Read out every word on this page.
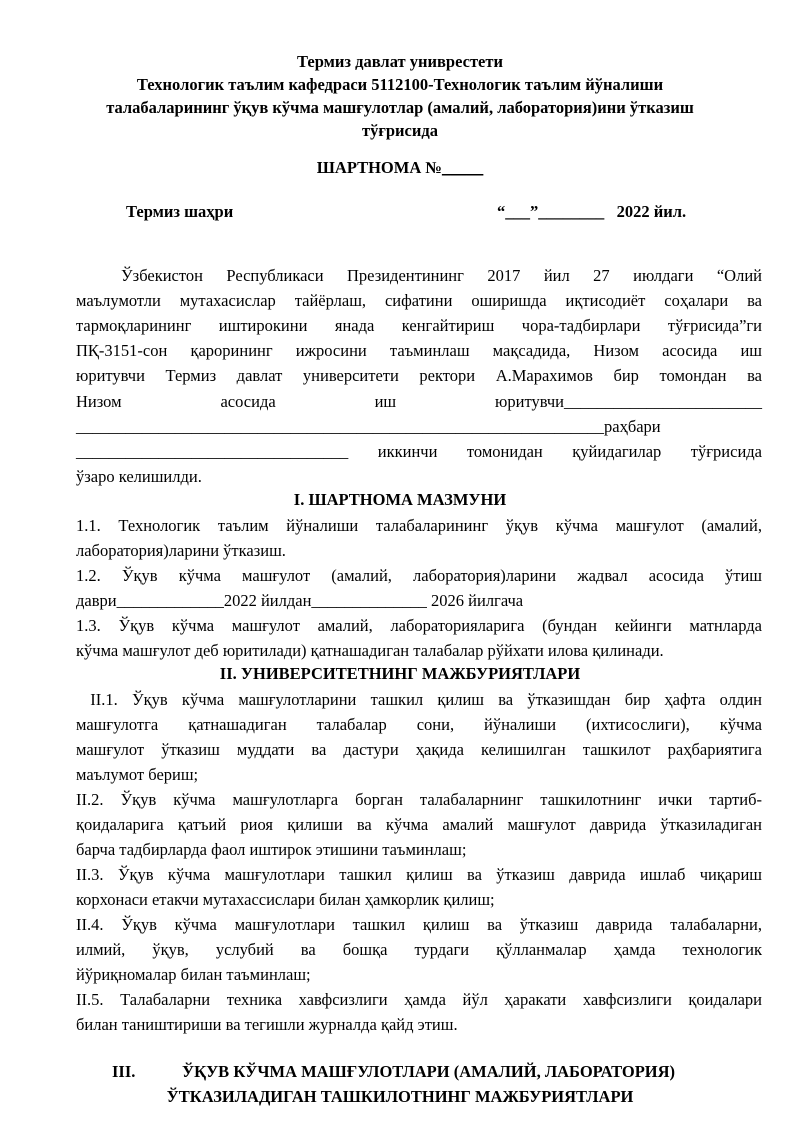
Термиз давлат униврестети
Технологик таълим кафедраси 5112100-Технологик таълим йўналиши
талабаларининг ўқув кўчма машғулотлар (амалий, лаборатория)ини ўтказиш
тўғрисида
ШАРТНОМА №_____
Термиз шаҳри	“___”________   2022 йил.
Ўзбекистон Республикаси Президентининг 2017 йил 27 июлдаги “Олий
маълумотли мутахасислар тайёрлаш, сифатини оширишда иқтисодиёт соҳалари ва
тармоқларининг иштирокини янада кенгайтириш чора-тадбирлари тўғрисида”ги
ПҚ-3151-сон қарорининг ижросини таъминлаш мақсадида, Низом асосида иш
юритувчи Термиз давлат университети ректори А.Марахимов бир томондан ва
Низом асосида иш юритувчи________________________
________________________________________________________________раҳбари
_________________________________ иккинчи томонидан қуйидагилар тўғрисида
ўзаро келишилди.
I. ШАРТНОМА МАЗМУНИ
1.1. Технологик таълим йўналиши талабаларининг ўқув кўчма машғулот (амалий,
лаборатория)ларини ўтказиш.
1.2. Ўқув кўчма машғулот (амалий, лаборатория)ларини жадвал асосида ўтиш
даври_____________2022 йилдан______________ 2026 йилгача
1.3. Ўқув кўчма машғулот амалий, лабораторияларига (бундан кейинги матнларда
кўчма машғулот деб юритилади) қатнашадиган талабалар рўйхати илова қилинади.
II. УНИВЕРСИТЕТНИНГ МАЖБУРИЯТЛАРИ
II.1. Ўқув кўчма машғулотларини ташкил қилиш ва ўтказишдан бир ҳафта олдин
машғулотга қатнашадиган талабалар сони, йўналиши (ихтисослиги), кўчма
машғулот ўтказиш муддати ва дастури ҳақида келишилган ташкилот раҳбариятига
маълумот бериш;
II.2. Ўқув кўчма машғулотларга борган талабаларнинг ташкилотнинг ички тартиб-
қоидаларига қатъий риоя қилиши ва кўчма амалий машғулот даврида ўтказиладиган
барча тадбирларда фаол иштирок этишини таъминлаш;
II.3. Ўқув кўчма машғулотлари ташкил қилиш ва ўтказиш даврида ишлаб чиқариш
корхонаси етакчи мутахассислари билан ҳамкорлик қилиш;
II.4. Ўқув кўчма машғулотлари ташкил қилиш ва ўтказиш даврида талабаларни,
илмий, ўқув, услубий ва бошқа турдаги қўлланмалар ҳамда технологик
йўриқномалар билан таъминлаш;
II.5. Талабаларни техника хавфсизлиги ҳамда йўл ҳаракати хавфсизлиги қоидалари
билан таништириши ва тегишли журналда қайд этиш.
III.	ЎҚУВ КЎЧМА МАШҒУЛОТЛАРИ (АМАЛИЙ, ЛАБОРАТОРИЯ)
ЎТКАЗИЛАДИГАН ТАШКИЛОТНИНГ МАЖБУРИЯТЛАРИ
